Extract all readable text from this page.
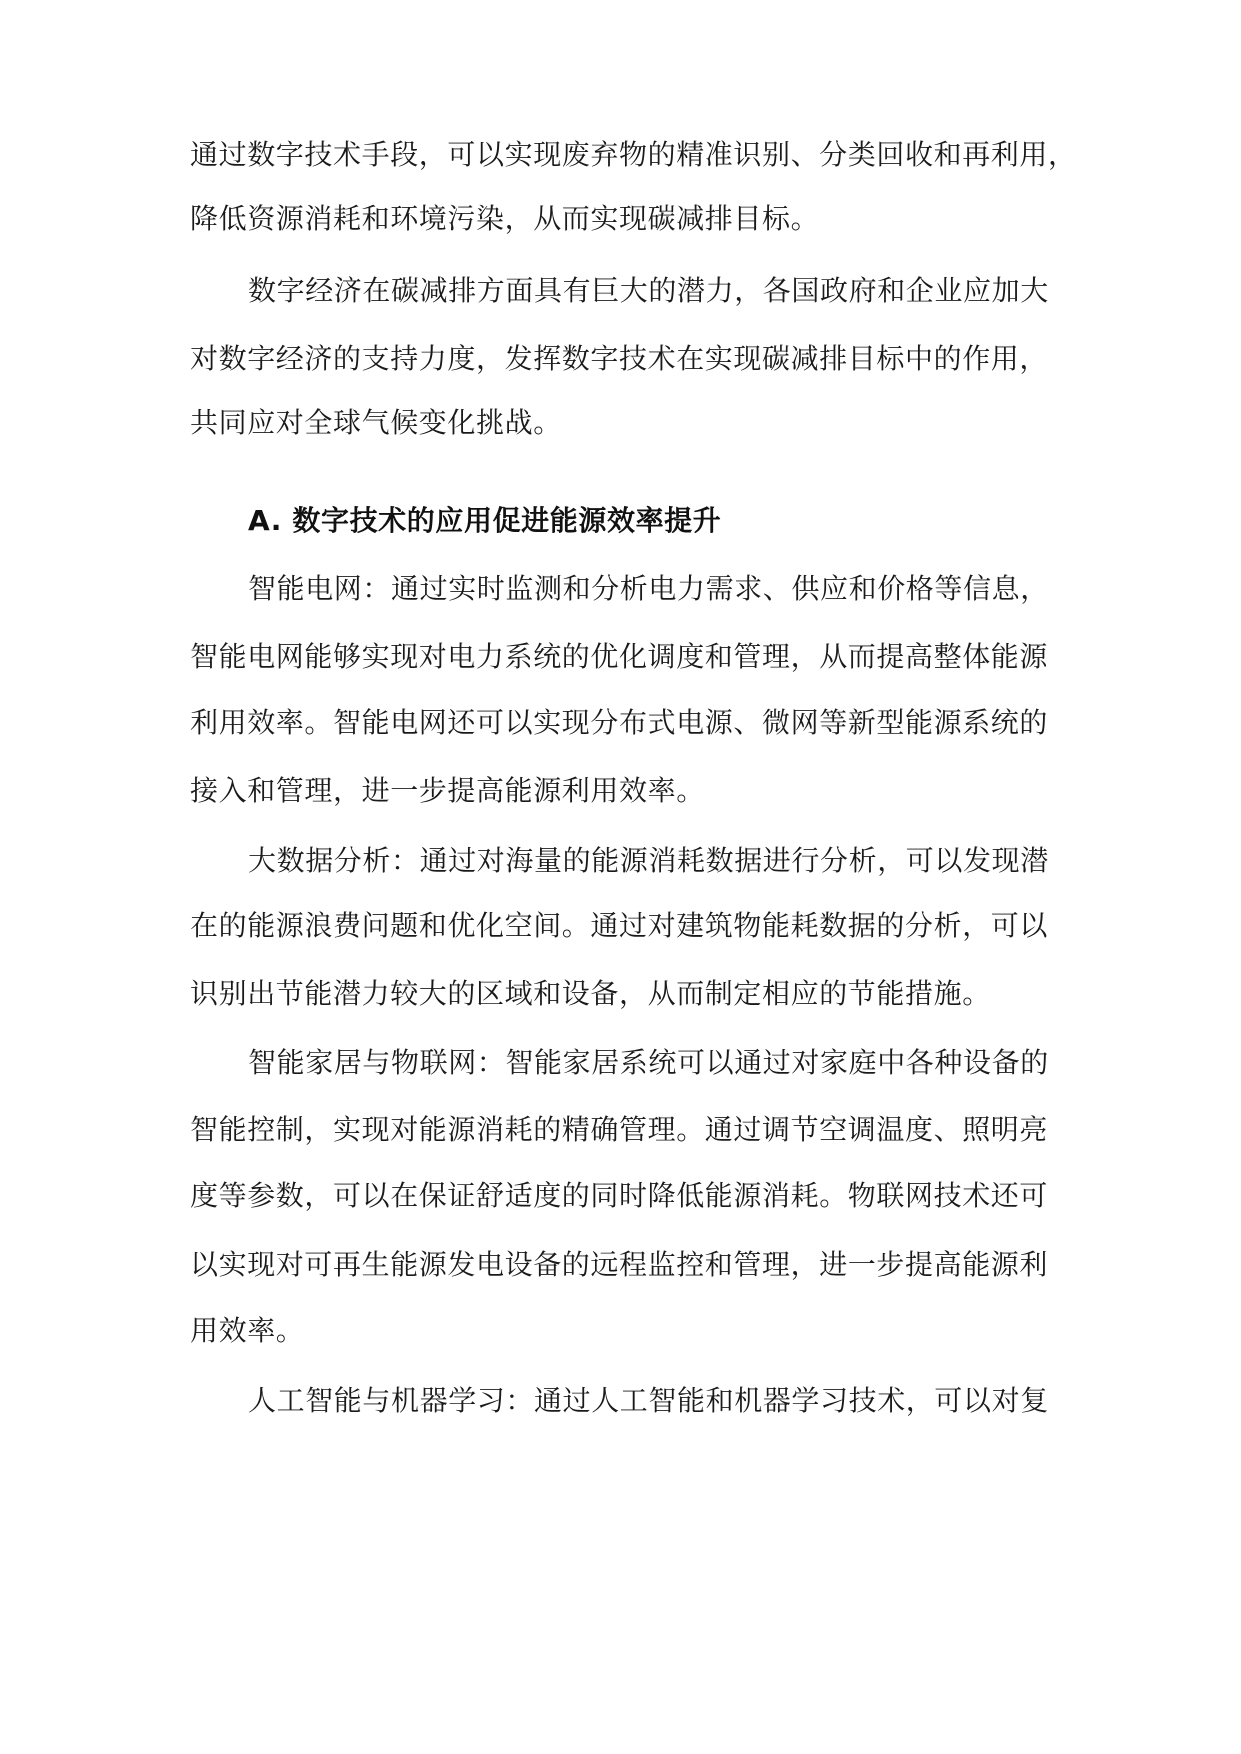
通过数字技术手段，可以实现废弃物的精准识别、分类回收和再利用，
降低资源消耗和环境污染，从而实现碳减排目标。
数字经济在碳减排方面具有巨大的潜力，各国政府和企业应加大
对数字经济的支持力度，发挥数字技术在实现碳减排目标中的作用，
共同应对全球气候变化挑战。
A. 数字技术的应用促进能源效率提升
智能电网：通过实时监测和分析电力需求、供应和价格等信息，
智能电网能够实现对电力系统的优化调度和管理，从而提高整体能源
利用效率。智能电网还可以实现分布式电源、微网等新型能源系统的
接入和管理，进一步提高能源利用效率。
大数据分析：通过对海量的能源消耗数据进行分析，可以发现潜
在的能源浪费问题和优化空间。通过对建筑物能耗数据的分析，可以
识别出节能潜力较大的区域和设备，从而制定相应的节能措施。
智能家居与物联网：智能家居系统可以通过对家庭中各种设备的
智能控制，实现对能源消耗的精确管理。通过调节空调温度、照明亮
度等参数，可以在保证舒适度的同时降低能源消耗。物联网技术还可
以实现对可再生能源发电设备的远程监控和管理，进一步提高能源利
用效率。
人工智能与机器学习：通过人工智能和机器学习技术，可以对复
